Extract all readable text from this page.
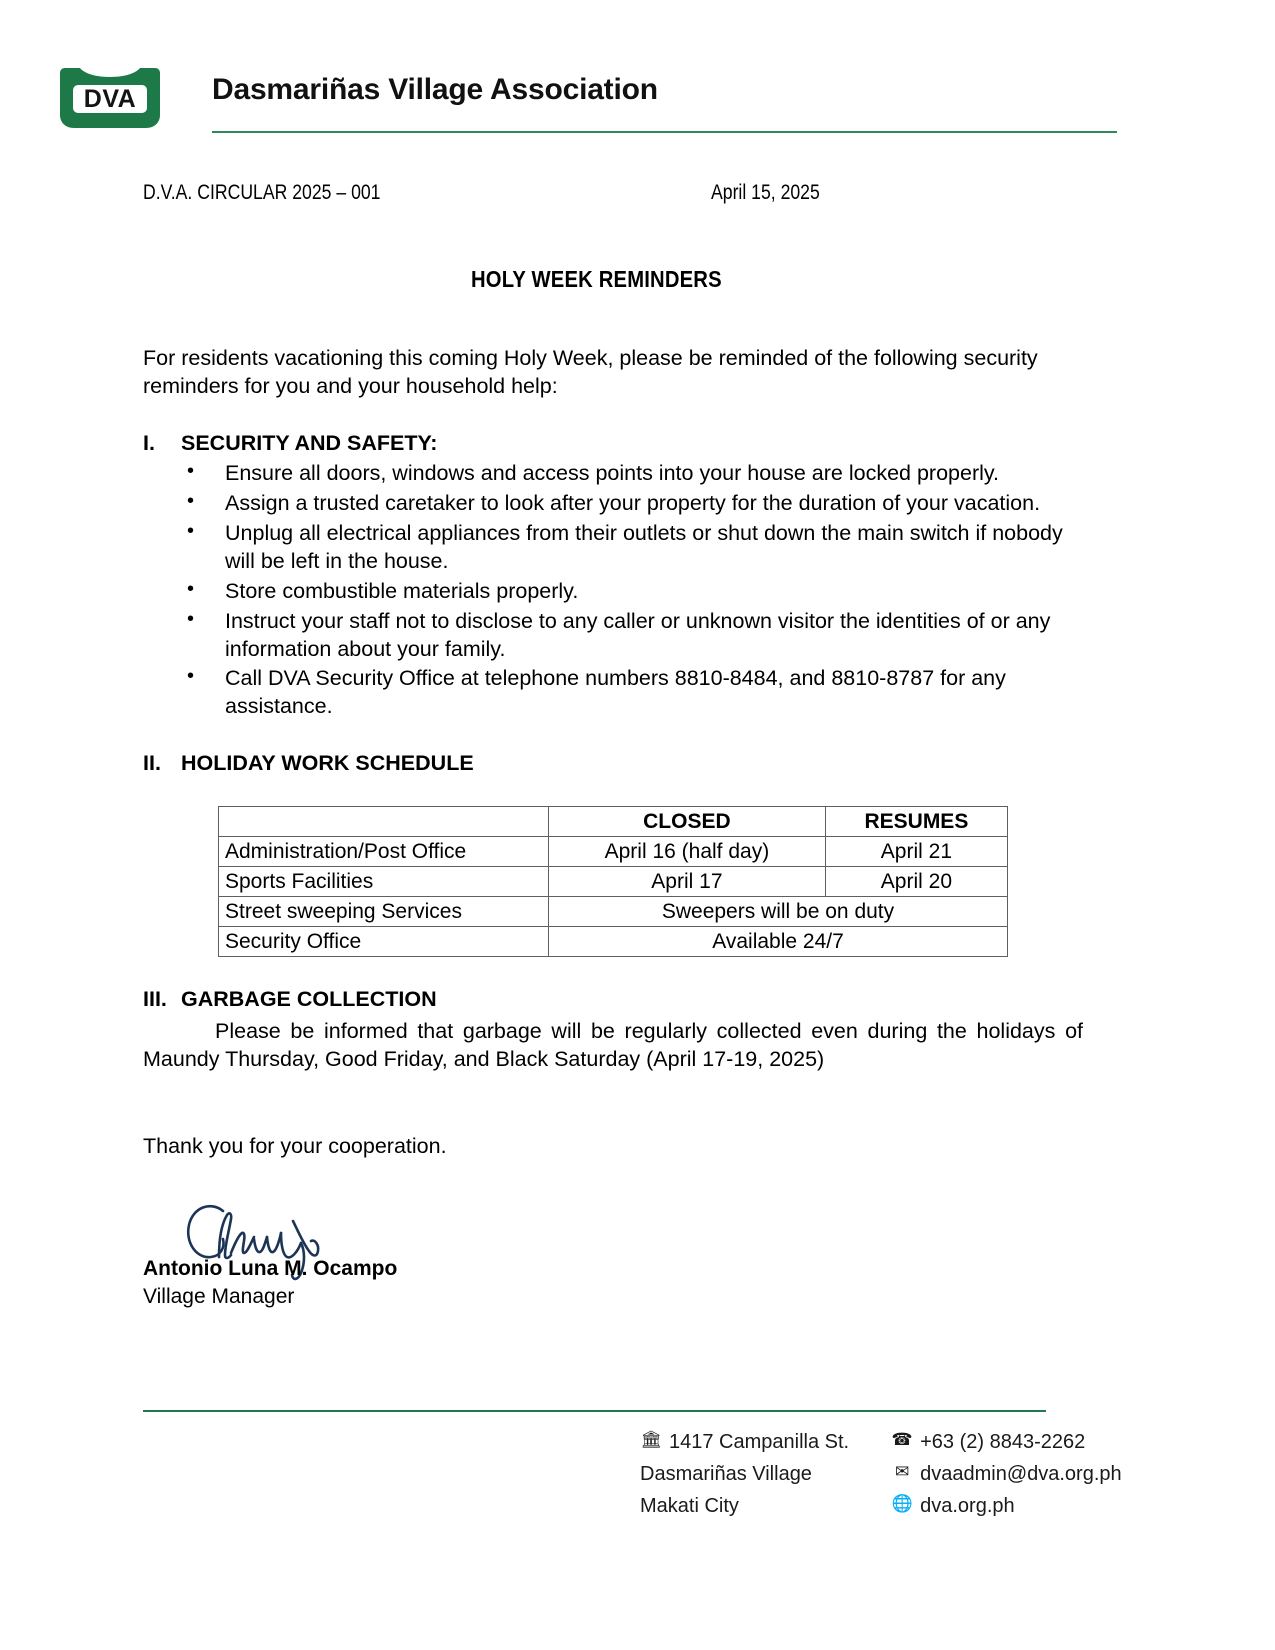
DVA	Dasmariñas Village Association
D.V.A. CIRCULAR 2025 – 001	April 15, 2025
HOLY WEEK REMINDERS
For residents vacationing this coming Holy Week, please be reminded of the following security reminders for you and your household help:
I. SECURITY AND SAFETY:
• Ensure all doors, windows and access points into your house are locked properly.
• Assign a trusted caretaker to look after your property for the duration of your vacation.
• Unplug all electrical appliances from their outlets or shut down the main switch if nobody will be left in the house.
• Store combustible materials properly.
• Instruct your staff not to disclose to any caller or unknown visitor the identities of or any information about your family.
• Call DVA Security Office at telephone numbers 8810-8484, and 8810-8787 for any assistance.
II. HOLIDAY WORK SCHEDULE
	CLOSED	RESUMES
Administration/Post Office	April 16 (half day)	April 21
Sports Facilities	April 17	April 20
Street sweeping Services	Sweepers will be on duty	
Security Office	Available 24/7	
III. GARBAGE COLLECTION
Please be informed that garbage will be regularly collected even during the holidays of Maundy Thursday, Good Friday, and Black Saturday (April 17-19, 2025)
Thank you for your cooperation.
Antonio Luna M. Ocampo
Village Manager
🏛 1417 Campanilla St.
Dasmariñas Village
Makati City
☎ +63 (2) 8843-2262
✉ dvaadmin@dva.org.ph
🌐 dva.org.ph
